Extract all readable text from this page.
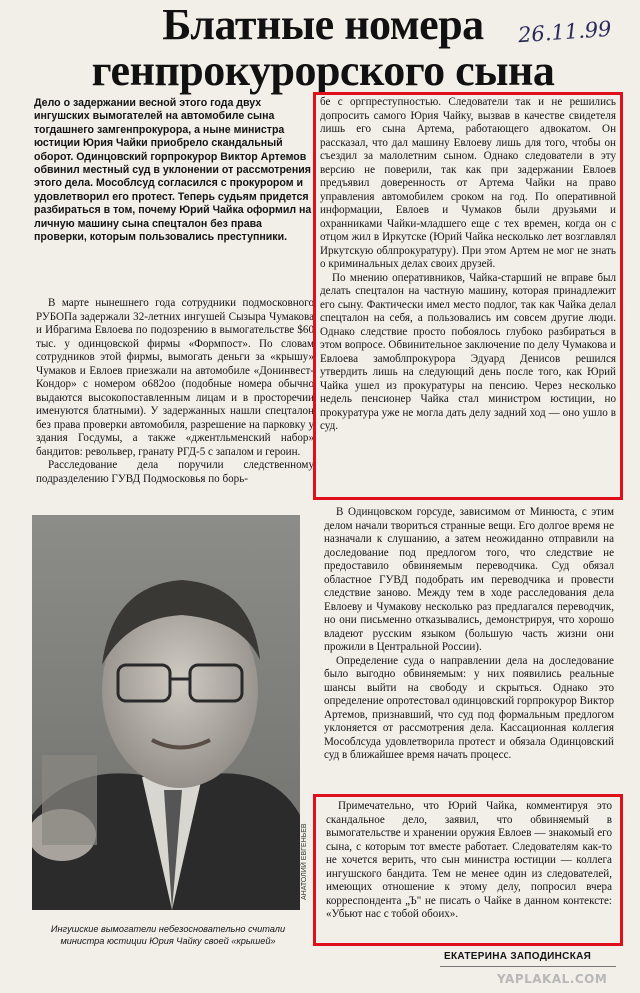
Блатные номера генпрокурорского сына
26.11.99

Дело о задержании весной этого года двух ингушских вымогателей на автомобиле сына тогдашнего замгенпрокурора, а ныне министра юстиции Юрия Чайки приобрело скандальный оборот. Одинцовский горпрокурор Виктор Артемов обвинил местный суд в уклонении от рассмотрения этого дела. Мособлсуд согласился с прокурором и удовлетворил его протест. Теперь судьям придется разбираться в том, почему Юрий Чайка оформил на личную машину сына спецталон без права проверки, которым пользовались преступники.

В марте нынешнего года сотрудники подмосковного РУБОПа задержали 32-летних ингушей Сызыра Чумакова и Ибрагима Евлоева по подозрению в вымогательстве $60 тыс. у одинцовской фирмы «Формпост». По словам сотрудников этой фирмы, вымогать деньги за «крышу» Чумаков и Евлоев приезжали на автомобиле «Донинвест-Кондор» с номером о682оо (подобные номера обычно выдаются высокопоставленным лицам и в просторечии именуются блатными). У задержанных нашли спецталон без права проверки автомобиля, разрешение на парковку у здания Госдумы, а также «джентльменский набор» бандитов: револьвер, гранату РГД-5 с запалом и героин.

Расследование дела поручили следственному подразделению ГУВД Подмосковья по борь-

бе с оргпреступностью. Следователи так и не решились допросить самого Юрия Чайку, вызвав в качестве свидетеля лишь его сына Артема, работающего адвокатом. Он рассказал, что дал машину Евлоеву лишь для того, чтобы он съездил за малолетним сыном. Однако следователи в эту версию не поверили, так как при задержании Евлоев предъявил доверенность от Артема Чайки на право управления автомобилем сроком на год. По оперативной информации, Евлоев и Чумаков были друзьями и охранниками Чайки-младшего еще с тех времен, когда он с отцом жил в Иркутске (Юрий Чайка несколько лет возглавлял Иркутскую облпрокуратуру). При этом Артем не мог не знать о криминальных делах своих друзей.

По мнению оперативников, Чайка-старший не вправе был делать спецталон на частную машину, которая принадлежит его сыну. Фактически имел место подлог, так как Чайка делал спецталон на себя, а пользовались им совсем другие люди. Однако следствие просто побоялось глубоко разбираться в этом вопросе. Обвинительное заключение по делу Чумакова и Евлоева замоблпрокурора Эдуард Денисов решился утвердить лишь на следующий день после того, как Юрий Чайка ушел из прокуратуры на пенсию. Через несколько недель пенсионер Чайка стал министром юстиции, но прокуратура уже не могла дать делу задний ход — оно ушло в суд.

В Одинцовском горсуде, зависимом от Минюста, с этим делом начали твориться странные вещи. Его долгое время не назначали к слушанию, а затем неожиданно отправили на доследование под предлогом того, что следствие не предоставило обвиняемым переводчика. Суд обязал областное ГУВД подобрать им переводчика и провести следствие заново. Между тем в ходе расследования дела Евлоеву и Чумакову несколько раз предлагался переводчик, но они письменно отказывались, демонстрируя, что хорошо владеют русским языком (большую часть жизни они прожили в Центральной России).

Определение суда о направлении дела на доследование было выгодно обвиняемым: у них появились реальные шансы выйти на свободу и скрыться. Однако это определение опротестовал одинцовский горпрокурор Виктор Артемов, признавший, что суд под формальным предлогом уклоняется от рассмотрения дела. Кассационная коллегия Мособлсуда удовлетворила протест и обязала Одинцовский суд в ближайшее время начать процесс.

Примечательно, что Юрий Чайка, комментируя это скандальное дело, заявил, что обвиняемый в вымогательстве и хранении оружия Евлоев — знакомый его сына, с которым тот вместе работает. Следователям как-то не хочется верить, что сын министра юстиции — коллега ингушского бандита. Тем не менее один из следователей, имеющих отношение к этому делу, попросил вчера корреспондента „Ъ" не писать о Чайке в данном контексте: «Убьют нас с тобой обоих».

АНАТОЛИЙ ЕВГЕНЬЕВ

Ингушские вымогатели небезосновательно считали министра юстиции Юрия Чайку своей «крышей»

ЕКАТЕРИНА ЗАПОДИНСКАЯ
YAPLAKAL.COM
